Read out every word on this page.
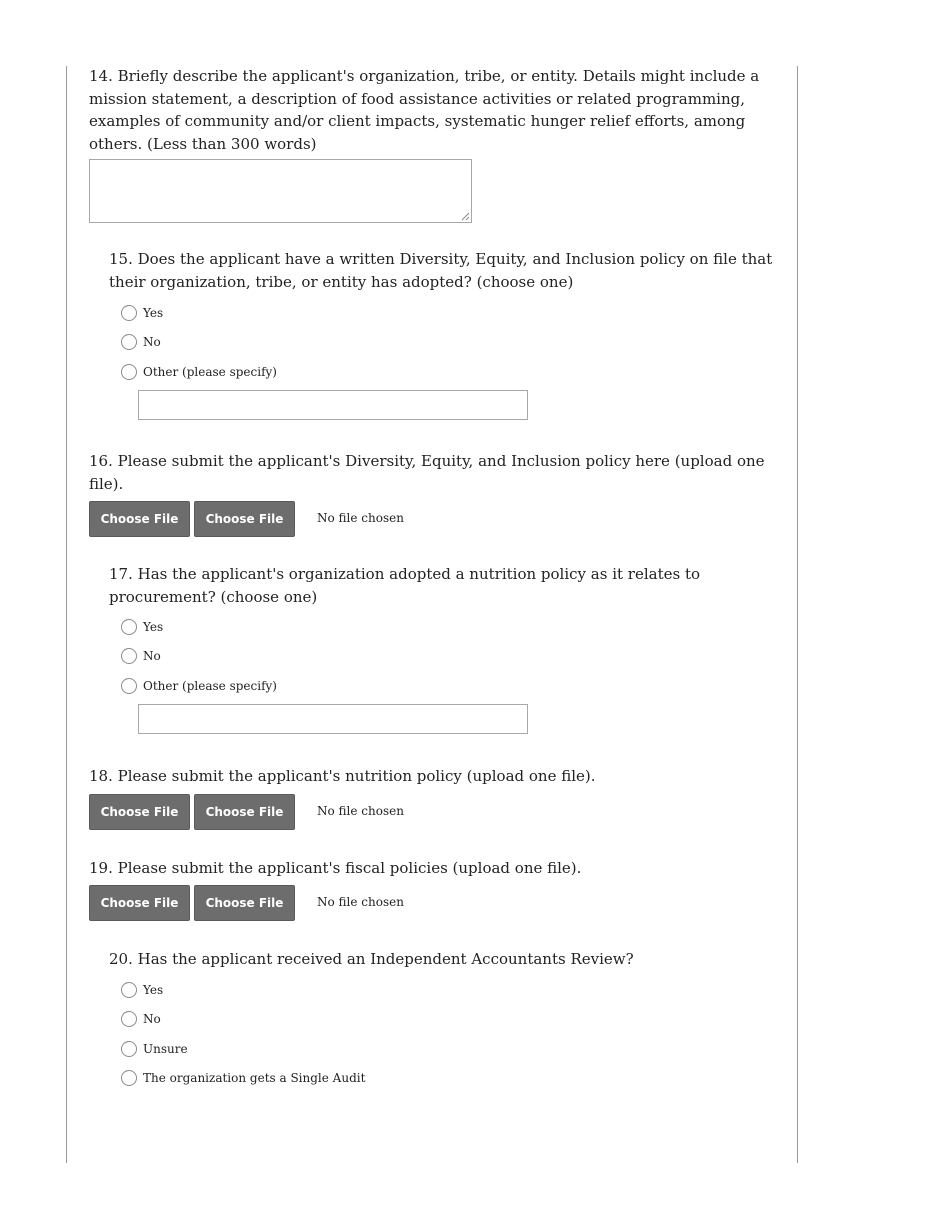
14. Briefly describe the applicant's organization, tribe, or entity. Details might include a mission statement, a description of food assistance activities or related programming, examples of community and/or client impacts, systematic hunger relief efforts, among others. (Less than 300 words)
15. Does the applicant have a written Diversity, Equity, and Inclusion policy on file that their organization, tribe, or entity has adopted? (choose one)
Yes
No
Other (please specify)
16. Please submit the applicant's Diversity, Equity, and Inclusion policy here (upload one file).
Choose File	Choose File	No file chosen
17. Has the applicant's organization adopted a nutrition policy as it relates to procurement? (choose one)
Yes
No
Other (please specify)
18. Please submit the applicant's nutrition policy (upload one file).
Choose File	Choose File	No file chosen
19. Please submit the applicant's fiscal policies (upload one file).
Choose File	Choose File	No file chosen
20. Has the applicant received an Independent Accountants Review?
Yes
No
Unsure
The organization gets a Single Audit
